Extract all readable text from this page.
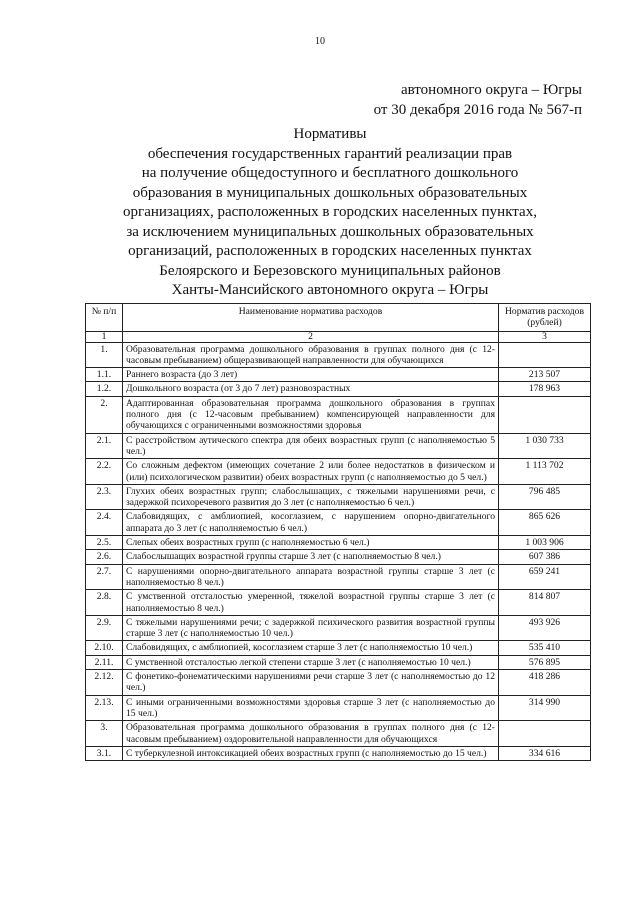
10
автономного округа – Югры
от 30 декабря 2016 года № 567-п
Нормативы
обеспечения государственных гарантий реализации прав
на получение общедоступного и бесплатного дошкольного
образования в муниципальных дошкольных образовательных
организациях, расположенных в городских населенных пунктах,
за исключением муниципальных дошкольных образовательных
организаций, расположенных в городских населенных пунктах
Белоярского и Березовского муниципальных районов
Ханты-Мансийского автономного округа – Югры
№ п/п	Наименование норматива расходов	Норматив расходов (рублей)
1	2	3
1.	Образовательная программа дошкольного образования в группах полного дня (с 12-часовым пребыванием) общеразвивающей направленности для обучающихся	
1.1.	Раннего возраста (до 3 лет)	213 507
1.2.	Дошкольного возраста (от 3 до 7 лет) разновозрастных	178 963
2.	Адаптированная образовательная программа дошкольного образования в группах полного дня (с 12-часовым пребыванием) компенсирующей направленности для обучающихся с ограниченными возможностями здоровья	
2.1.	С расстройством аутического спектра для обеих возрастных групп (с наполняемостью 5 чел.)	1 030 733
2.2.	Со сложным дефектом (имеющих сочетание 2 или более недостатков в физическом и (или) психологическом развитии) обеих возрастных групп (с наполняемостью до 5 чел.)	1 113 702
2.3.	Глухих обеих возрастных групп; слабослышащих, с тяжелыми нарушениями речи, с задержкой психоречевого развития до 3 лет (с наполняемостью 6 чел.)	796 485
2.4.	Слабовидящих, с амблиопией, косоглазием, с нарушением опорно-двигательного аппарата до 3 лет (с наполняемостью 6 чел.)	865 626
2.5.	Слепых обеих возрастных групп (с наполняемостью 6 чел.)	1 003 906
2.6.	Слабослышащих возрастной группы старше 3 лет (с наполняемостью 8 чел.)	607 386
2.7.	С нарушениями опорно-двигательного аппарата возрастной группы старше 3 лет (с наполняемостью 8 чел.)	659 241
2.8.	С умственной отсталостью умеренной, тяжелой возрастной группы старше 3 лет (с наполняемостью 8 чел.)	814 807
2.9.	С тяжелыми нарушениями речи; с задержкой психического развития возрастной группы старше 3 лет (с наполняемостью 10 чел.)	493 926
2.10.	Слабовидящих, с амблиопией, косоглазием старше 3 лет (с наполняемостью 10 чел.)	535 410
2.11.	С умственной отсталостью легкой степени старше 3 лет (с наполняемостью 10 чел.)	576 895
2.12.	С фонетико-фонематическими нарушениями речи старше 3 лет (с наполняемостью до 12 чел.)	418 286
2.13.	С иными ограниченными возможностями здоровья старше 3 лет (с наполняемостью до 15 чел.)	314 990
3.	Образовательная программа дошкольного образования в группах полного дня (с 12-часовым пребыванием) оздоровительной направленности для обучающихся	
3.1.	С туберкулезной интоксикацией обеих возрастных групп (с наполняемостью до 15 чел.)	334 616
